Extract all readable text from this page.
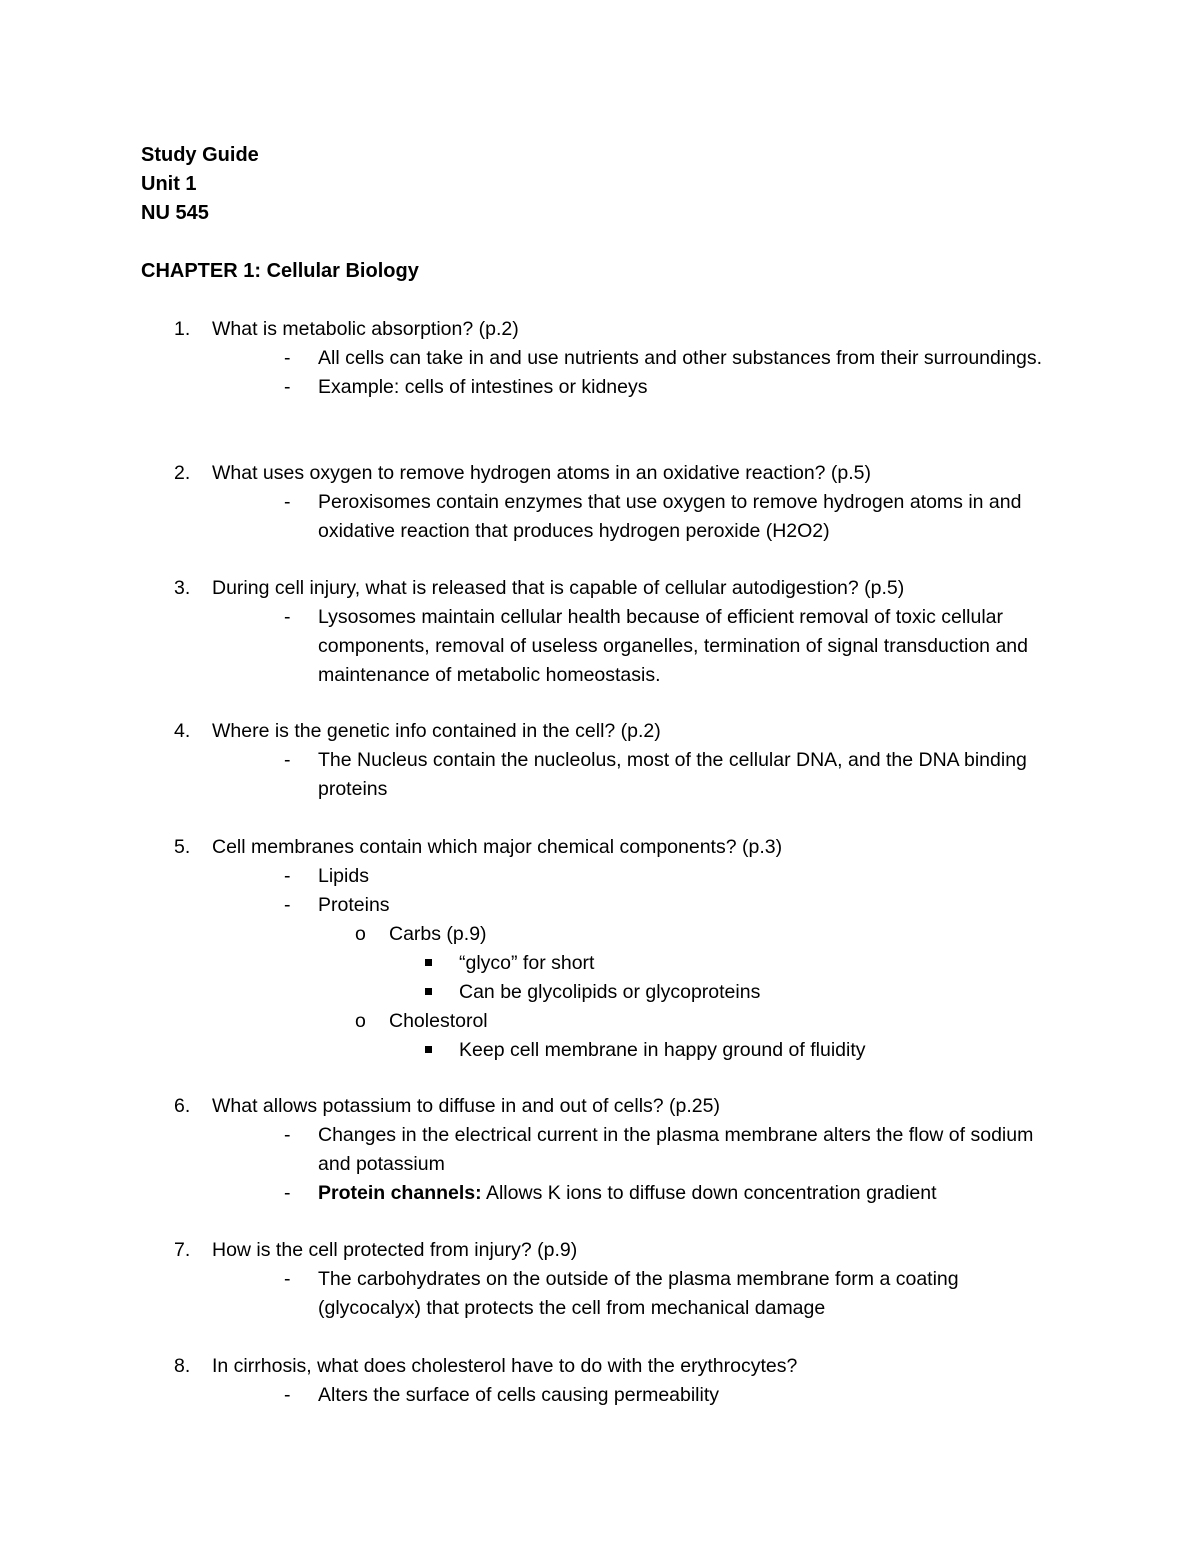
Study Guide
Unit 1
NU 545
CHAPTER 1: Cellular Biology
1. What is metabolic absorption? (p.2)
- All cells can take in and use nutrients and other substances from their surroundings.
- Example: cells of intestines or kidneys
2. What uses oxygen to remove hydrogen atoms in an oxidative reaction? (p.5)
- Peroxisomes contain enzymes that use oxygen to remove hydrogen atoms in and oxidative reaction that produces hydrogen peroxide (H2O2)
3. During cell injury, what is released that is capable of cellular autodigestion? (p.5)
- Lysosomes maintain cellular health because of efficient removal of toxic cellular components, removal of useless organelles, termination of signal transduction and maintenance of metabolic homeostasis.
4. Where is the genetic info contained in the cell? (p.2)
- The Nucleus contain the nucleolus, most of the cellular DNA, and the DNA binding proteins
5. Cell membranes contain which major chemical components? (p.3)
- Lipids
- Proteins
o Carbs (p.9)
“glyco” for short
Can be glycolipids or glycoproteins
o Cholestorol
Keep cell membrane in happy ground of fluidity
6. What allows potassium to diffuse in and out of cells? (p.25)
- Changes in the electrical current in the plasma membrane alters the flow of sodium and potassium
- Protein channels: Allows K ions to diffuse down concentration gradient
7. How is the cell protected from injury? (p.9)
- The carbohydrates on the outside of the plasma membrane form a coating (glycocalyx) that protects the cell from mechanical damage
8. In cirrhosis, what does cholesterol have to do with the erythrocytes?
- Alters the surface of cells causing permeability
